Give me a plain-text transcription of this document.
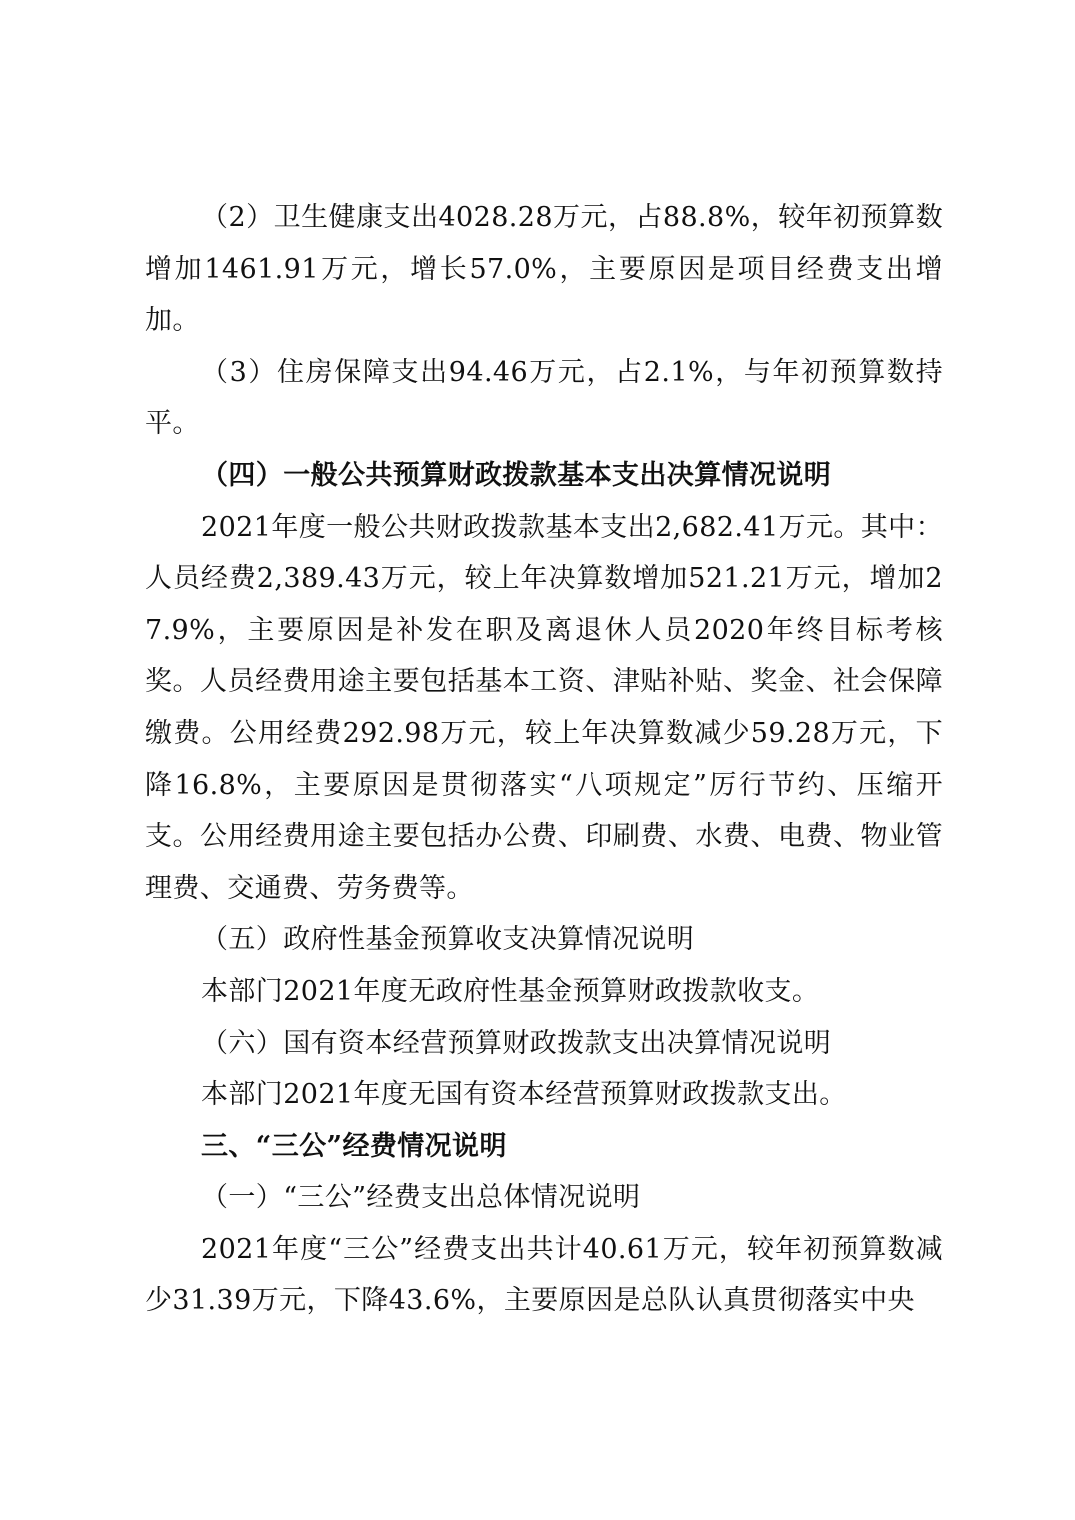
（2）卫生健康支出4028.28万元，占88.8%，较年初预算数增加1461.91万元，增长57.0%，主要原因是项目经费支出增加。

（3）住房保障支出94.46万元，占2.1%，与年初预算数持平。

（四）一般公共预算财政拨款基本支出决算情况说明

2021年度一般公共财政拨款基本支出2,682.41万元。其中：人员经费2,389.43万元，较上年决算数增加521.21万元，增加27.9%，主要原因是补发在职及离退休人员2020年终目标考核奖。人员经费用途主要包括基本工资、津贴补贴、奖金、社会保障缴费。公用经费292.98万元，较上年决算数减少59.28万元，下降16.8%，主要原因是贯彻落实“八项规定”厉行节约、压缩开支。公用经费用途主要包括办公费、印刷费、水费、电费、物业管理费、交通费、劳务费等。

（五）政府性基金预算收支决算情况说明

本部门2021年度无政府性基金预算财政拨款收支。

（六）国有资本经营预算财政拨款支出决算情况说明

本部门2021年度无国有资本经营预算财政拨款支出。

三、“三公”经费情况说明

（一）“三公”经费支出总体情况说明

2021年度“三公”经费支出共计40.61万元，较年初预算数减少31.39万元，下降43.6%，主要原因是总队认真贯彻落实中央
